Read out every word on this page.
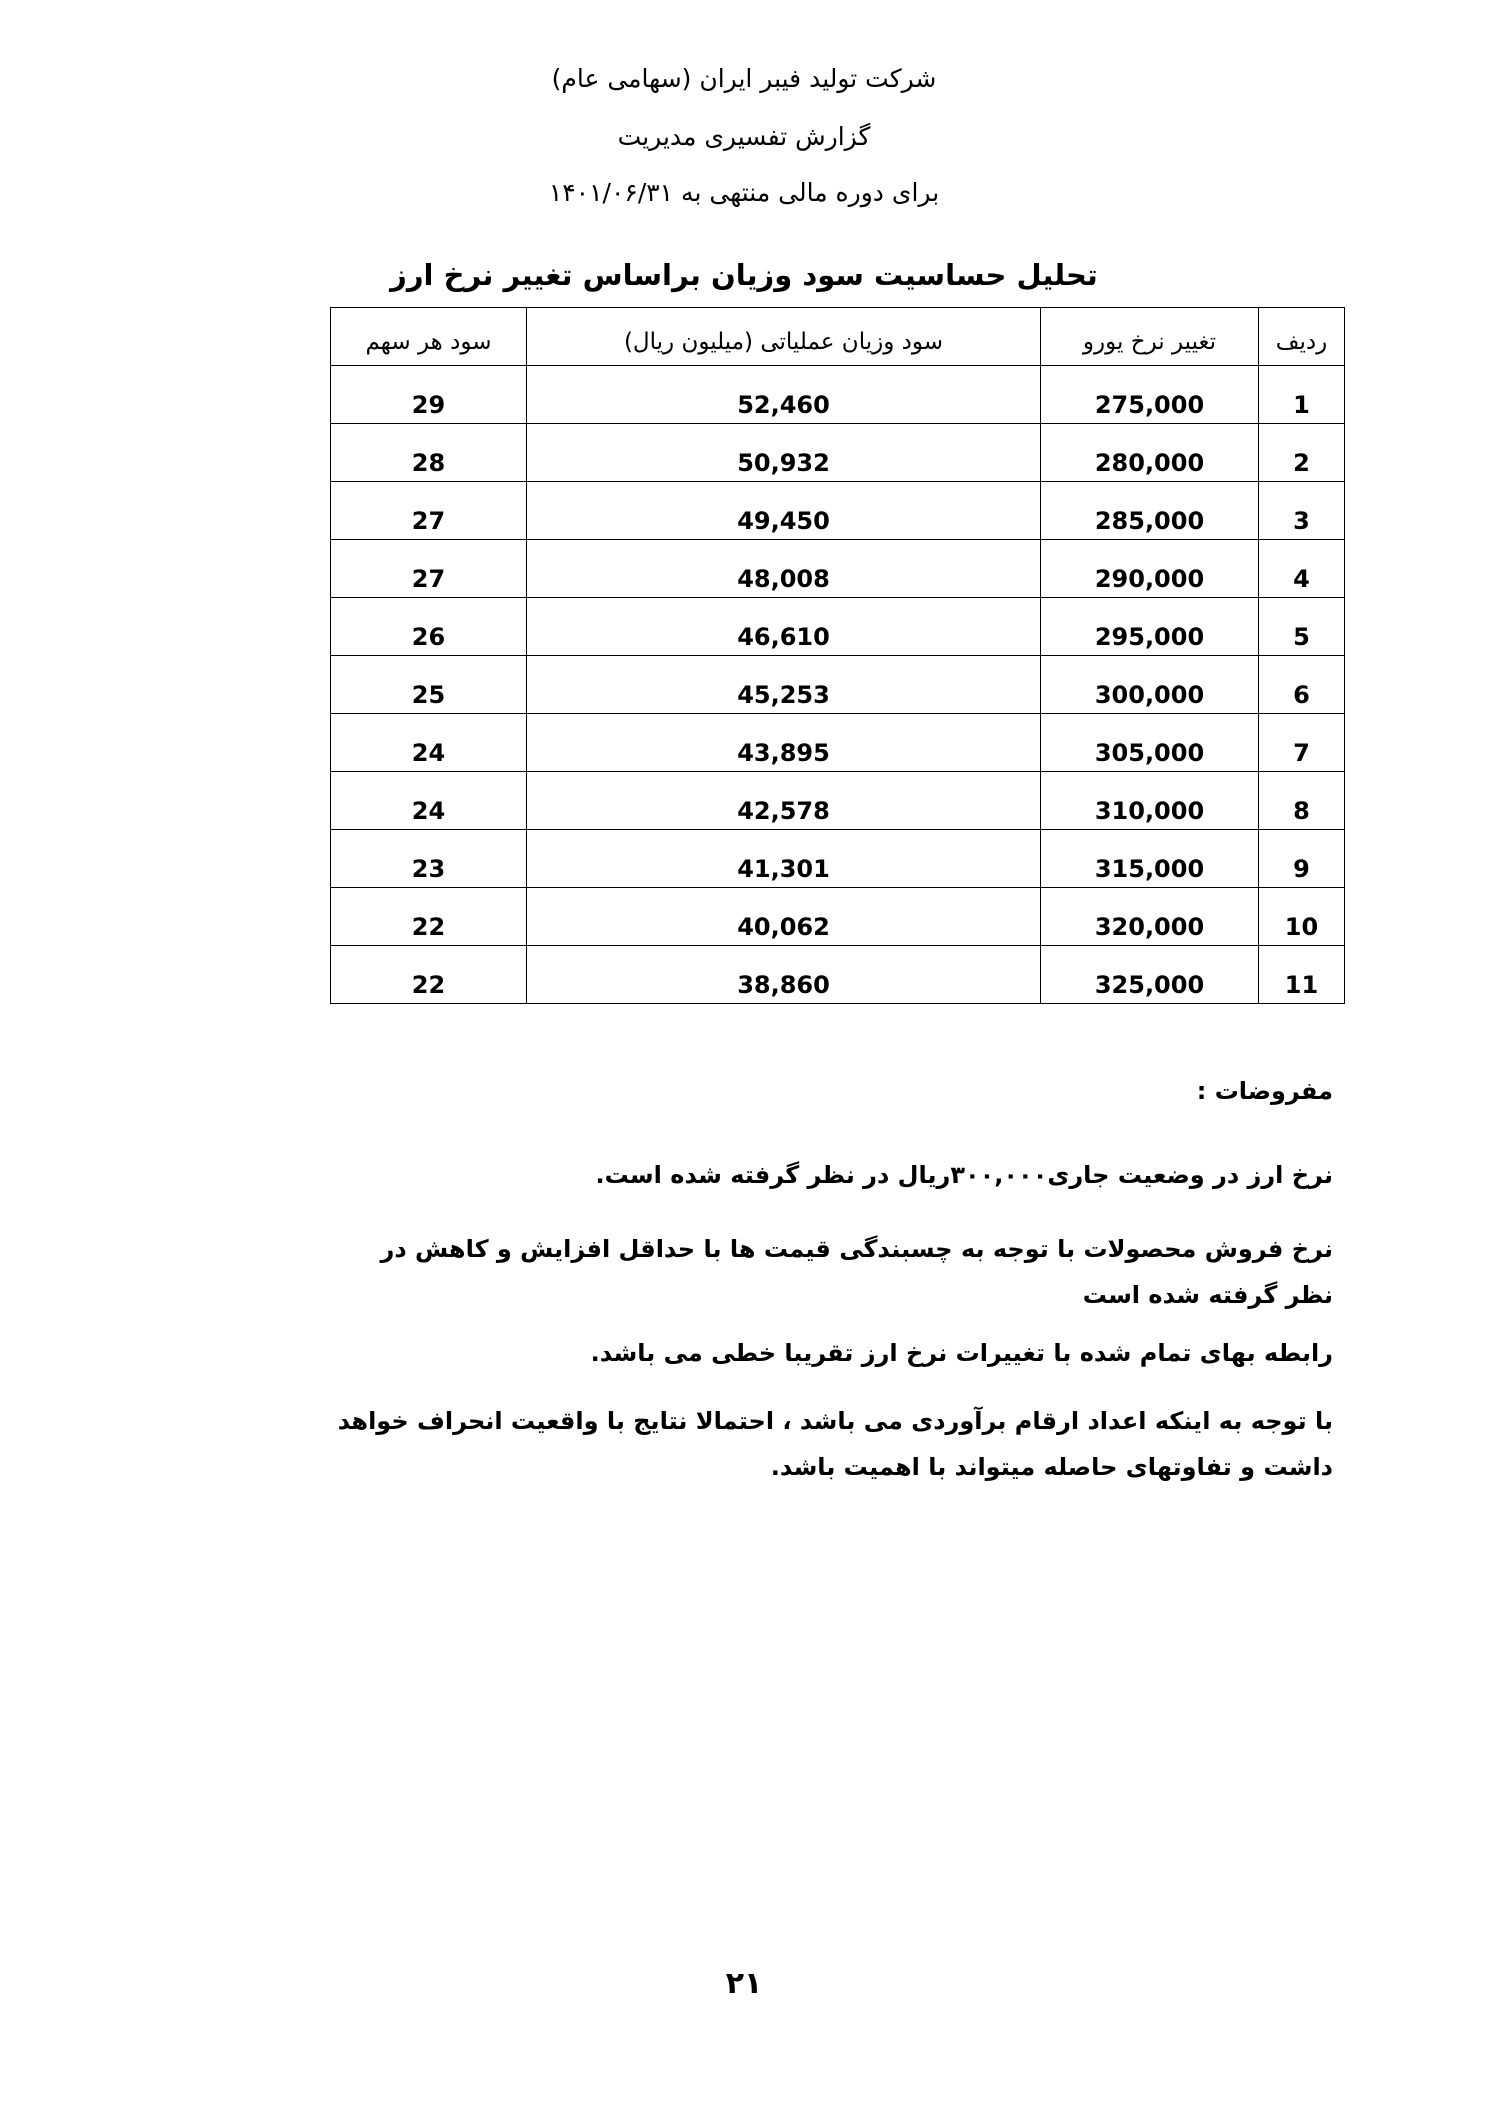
شرکت تولید فیبر ایران (سهامی عام)
گزارش تفسیری مدیریت
برای دوره مالی منتهی به ۱۴۰۱/۰۶/۳۱
تحلیل حساسیت سود وزیان براساس تغییر نرخ ارز
ردیف	تغییر نرخ یورو	سود وزیان عملیاتی (میلیون ریال)	سود هر سهم
1	275,000	52,460	29
2	280,000	50,932	28
3	285,000	49,450	27
4	290,000	48,008	27
5	295,000	46,610	26
6	300,000	45,253	25
7	305,000	43,895	24
8	310,000	42,578	24
9	315,000	41,301	23
10	320,000	40,062	22
11	325,000	38,860	22
مفروضات :
نرخ ارز در وضعیت جاری۳۰۰,۰۰۰ریال در نظر گرفته شده است.
نرخ فروش محصولات با توجه به چسبندگی قیمت ها با حداقل افزایش و کاهش در نظر گرفته شده است
رابطه بهای تمام شده با تغییرات نرخ ارز تقریبا خطی می باشد.
با توجه به اینکه اعداد ارقام برآوردی می باشد ، احتمالا نتایج با واقعیت انحراف خواهد داشت و تفاوتهای حاصله میتواند با اهمیت باشد.
۲۱
